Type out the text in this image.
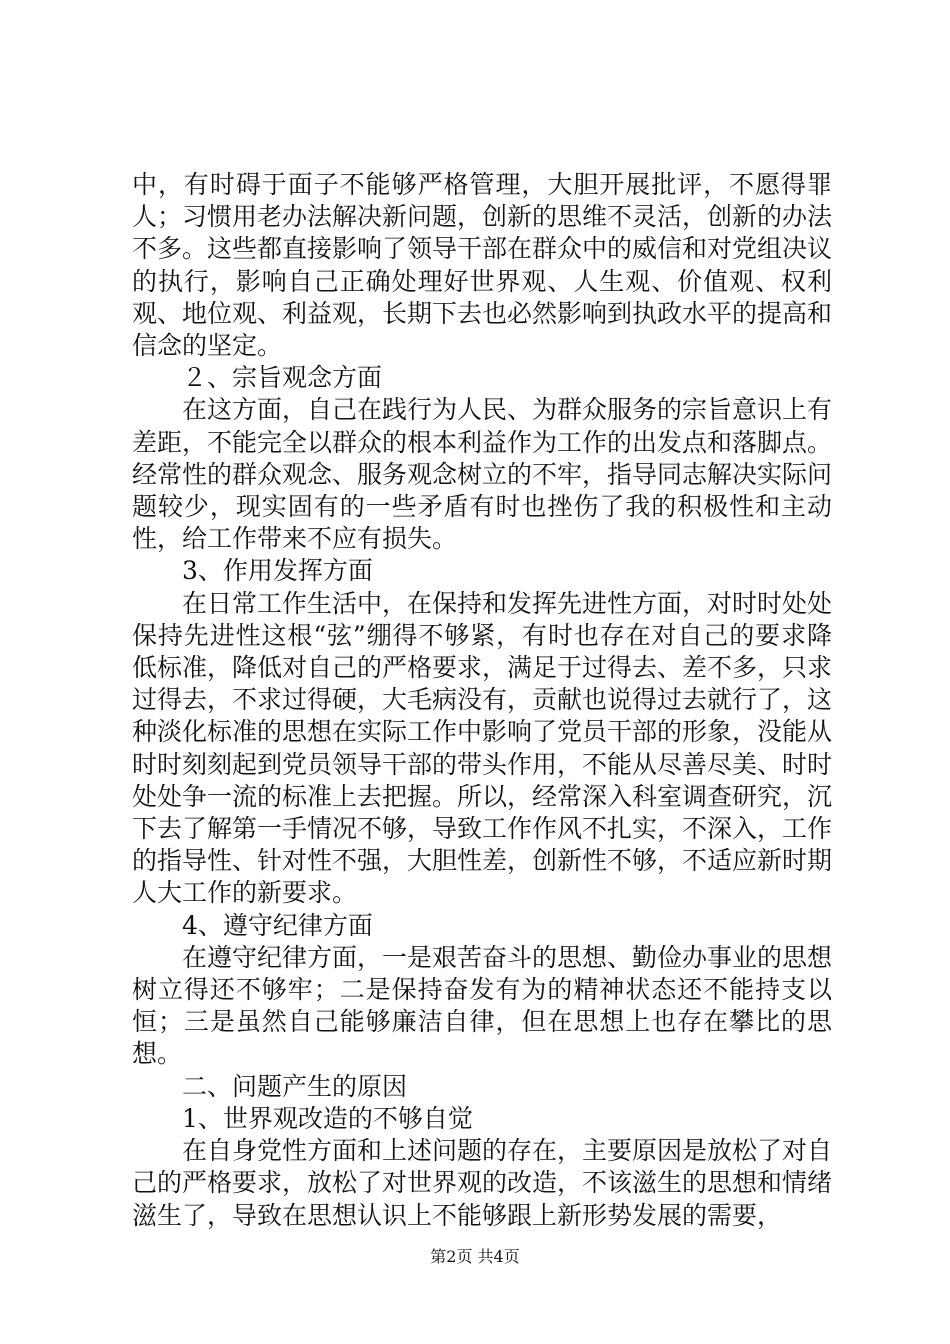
中，有时碍于面子不能够严格管理，大胆开展批评，不愿得罪人；习惯用老办法解决新问题，创新的思维不灵活，创新的办法不多。这些都直接影响了领导干部在群众中的威信和对党组决议的执行，影响自己正确处理好世界观、人生观、价值观、权利观、地位观、利益观，长期下去也必然影响到执政水平的提高和信念的坚定。

２、宗旨观念方面

在这方面，自己在践行为人民、为群众服务的宗旨意识上有差距，不能完全以群众的根本利益作为工作的出发点和落脚点。经常性的群众观念、服务观念树立的不牢，指导同志解决实际问题较少，现实固有的一些矛盾有时也挫伤了我的积极性和主动性，给工作带来不应有损失。

3、作用发挥方面

在日常工作生活中，在保持和发挥先进性方面，对时时处处保持先进性这根“弦”绷得不够紧，有时也存在对自己的要求降低标准，降低对自己的严格要求，满足于过得去、差不多，只求过得去，不求过得硬，大毛病没有，贡献也说得过去就行了，这种淡化标准的思想在实际工作中影响了党员干部的形象，没能从时时刻刻起到党员领导干部的带头作用，不能从尽善尽美、时时处处争一流的标准上去把握。所以，经常深入科室调查研究，沉下去了解第一手情况不够，导致工作作风不扎实，不深入，工作的指导性、针对性不强，大胆性差，创新性不够，不适应新时期人大工作的新要求。

4、遵守纪律方面

在遵守纪律方面，一是艰苦奋斗的思想、勤俭办事业的思想树立得还不够牢；二是保持奋发有为的精神状态还不能持支以恒；三是虽然自己能够廉洁自律，但在思想上也存在攀比的思想。

二、问题产生的原因

1、世界观改造的不够自觉

在自身党性方面和上述问题的存在，主要原因是放松了对自己的严格要求，放松了对世界观的改造，不该滋生的思想和情绪滋生了，导致在思想认识上不能够跟上新形势发展的需要，

第2页 共4页
